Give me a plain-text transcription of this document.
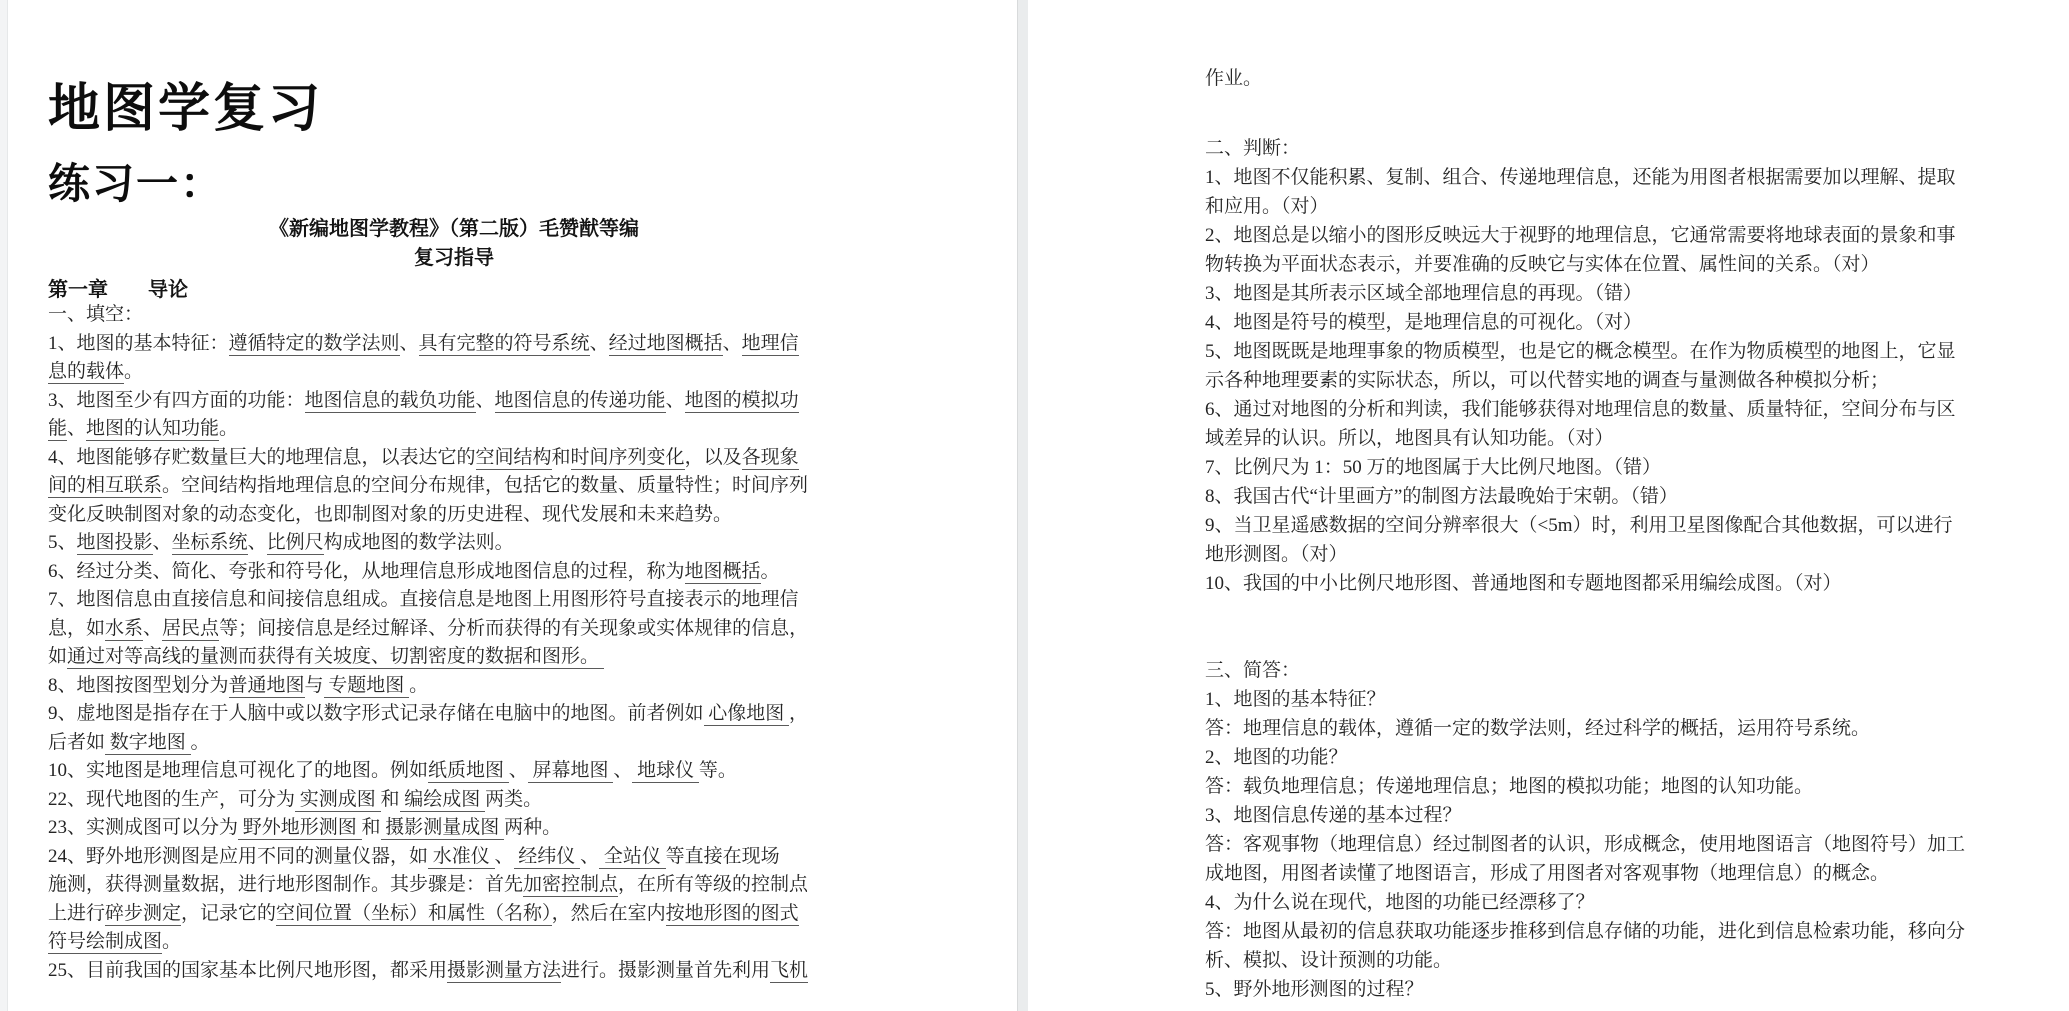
地图学复习
练习一：
《新编地图学教程》（第二版）毛赞猷等编
复习指导
第一章　　导论
一、填空：
1、地图的基本特征：遵循特定的数学法则、具有完整的符号系统、经过地图概括、地理信
息的载体。
3、地图至少有四方面的功能：地图信息的载负功能、地图信息的传递功能、地图的模拟功
能、地图的认知功能。
4、地图能够存贮数量巨大的地理信息，以表达它的空间结构和时间序列变化，以及各现象
间的相互联系。空间结构指地理信息的空间分布规律，包括它的数量、质量特性；时间序列
变化反映制图对象的动态变化，也即制图对象的历史进程、现代发展和未来趋势。
5、地图投影、坐标系统、比例尺构成地图的数学法则。
6、经过分类、简化、夸张和符号化，从地理信息形成地图信息的过程，称为地图概括。
7、地图信息由直接信息和间接信息组成。直接信息是地图上用图形符号直接表示的地理信
息，如水系、居民点等；间接信息是经过解译、分析而获得的有关现象或实体规律的信息，
如通过对等高线的量测而获得有关坡度、切割密度的数据和图形。
8、地图按图型划分为普通地图与 专题地图 。
9、虚地图是指存在于人脑中或以数字形式记录存储在电脑中的地图。前者例如 心像地图 ，
后者如 数字地图 。
10、实地图是地理信息可视化了的地图。例如纸质地图 、 屏幕地图 、 地球仪 等。
22、现代地图的生产，可分为 实测成图 和 编绘成图 两类。
23、实测成图可以分为 野外地形测图 和 摄影测量成图 两种。
24、野外地形测图是应用不同的测量仪器，如 水准仪 、 经纬仪 、 全站仪 等直接在现场
施测，获得测量数据，进行地形图制作。其步骤是：首先加密控制点，在所有等级的控制点
上进行碎步测定，记录它的空间位置（坐标）和属性（名称），然后在室内按地形图的图式
符号绘制成图。
25、目前我国的国家基本比例尺地形图，都采用摄影测量方法进行。摄影测量首先利用飞机
作业。
二、判断：
1、地图不仅能积累、复制、组合、传递地理信息，还能为用图者根据需要加以理解、提取
和应用。（对）
2、地图总是以缩小的图形反映远大于视野的地理信息，它通常需要将地球表面的景象和事
物转换为平面状态表示，并要准确的反映它与实体在位置、属性间的关系。（对）
3、地图是其所表示区域全部地理信息的再现。（错）
4、地图是符号的模型，是地理信息的可视化。（对）
5、地图既既是地理事象的物质模型，也是它的概念模型。在作为物质模型的地图上，它显
示各种地理要素的实际状态，所以，可以代替实地的调查与量测做各种模拟分析；
6、通过对地图的分析和判读，我们能够获得对地理信息的数量、质量特征，空间分布与区
域差异的认识。所以，地图具有认知功能。（对）
7、比例尺为 1：50 万的地图属于大比例尺地图。（错）
8、我国古代“计里画方”的制图方法最晚始于宋朝。（错）
9、当卫星遥感数据的空间分辨率很大（<5m）时，利用卫星图像配合其他数据，可以进行
地形测图。（对）
10、我国的中小比例尺地形图、普通地图和专题地图都采用编绘成图。（对）
三、简答：
1、地图的基本特征？
答：地理信息的载体，遵循一定的数学法则，经过科学的概括，运用符号系统。
2、地图的功能？
答：载负地理信息；传递地理信息；地图的模拟功能；地图的认知功能。
3、地图信息传递的基本过程？
答：客观事物（地理信息）经过制图者的认识，形成概念，使用地图语言（地图符号）加工
成地图，用图者读懂了地图语言，形成了用图者对客观事物（地理信息）的概念。
4、为什么说在现代，地图的功能已经漂移了？
答：地图从最初的信息获取功能逐步推移到信息存储的功能，进化到信息检索功能，移向分
析、模拟、设计预测的功能。
5、野外地形测图的过程？
